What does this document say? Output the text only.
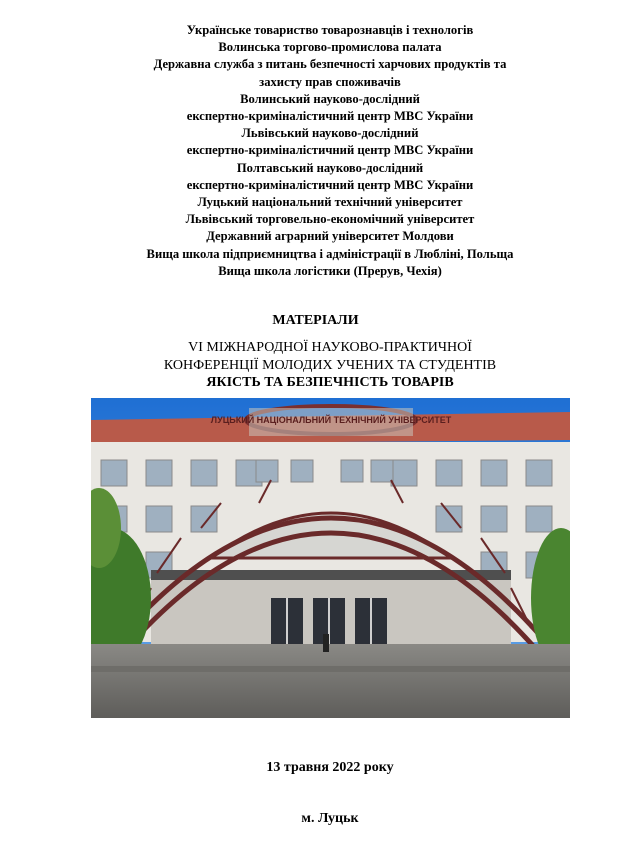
Українське товариство товарознавців і технологів
Волинська торгово-промислова палата
Державна служба з питань безпечності харчових продуктів та
захисту прав споживачів
Волинський науково-дослідний
експертно-криміналістичний центр МВС України
Львівський науково-дослідний
експертно-криміналістичний центр МВС України
Полтавський науково-дослідний
експертно-криміналістичний центр МВС України
Луцький національний технічний університет
Львівський торговельно-економічний університет
Державний аграрний університет Молдови
Вища школа підприємництва і адміністрації в Люблінi, Польща
Вища школа логістики (Прерув, Чехія)
МАТЕРІАЛИ
VI МІЖНАРОДНОЇ НАУКОВО-ПРАКТИЧНОЇ
КОНФЕРЕНЦІЇ МОЛОДИХ УЧЕНИХ ТА СТУДЕНТІВ
ЯКІСТЬ ТА БЕЗПЕЧНІСТЬ ТОВАРІВ
ЛУЦЬКИЙ НАЦІОНАЛЬНИЙ ТЕХНІЧНИЙ УНІВЕРСИТЕТ
13 травня 2022 року
м. Луцьк
